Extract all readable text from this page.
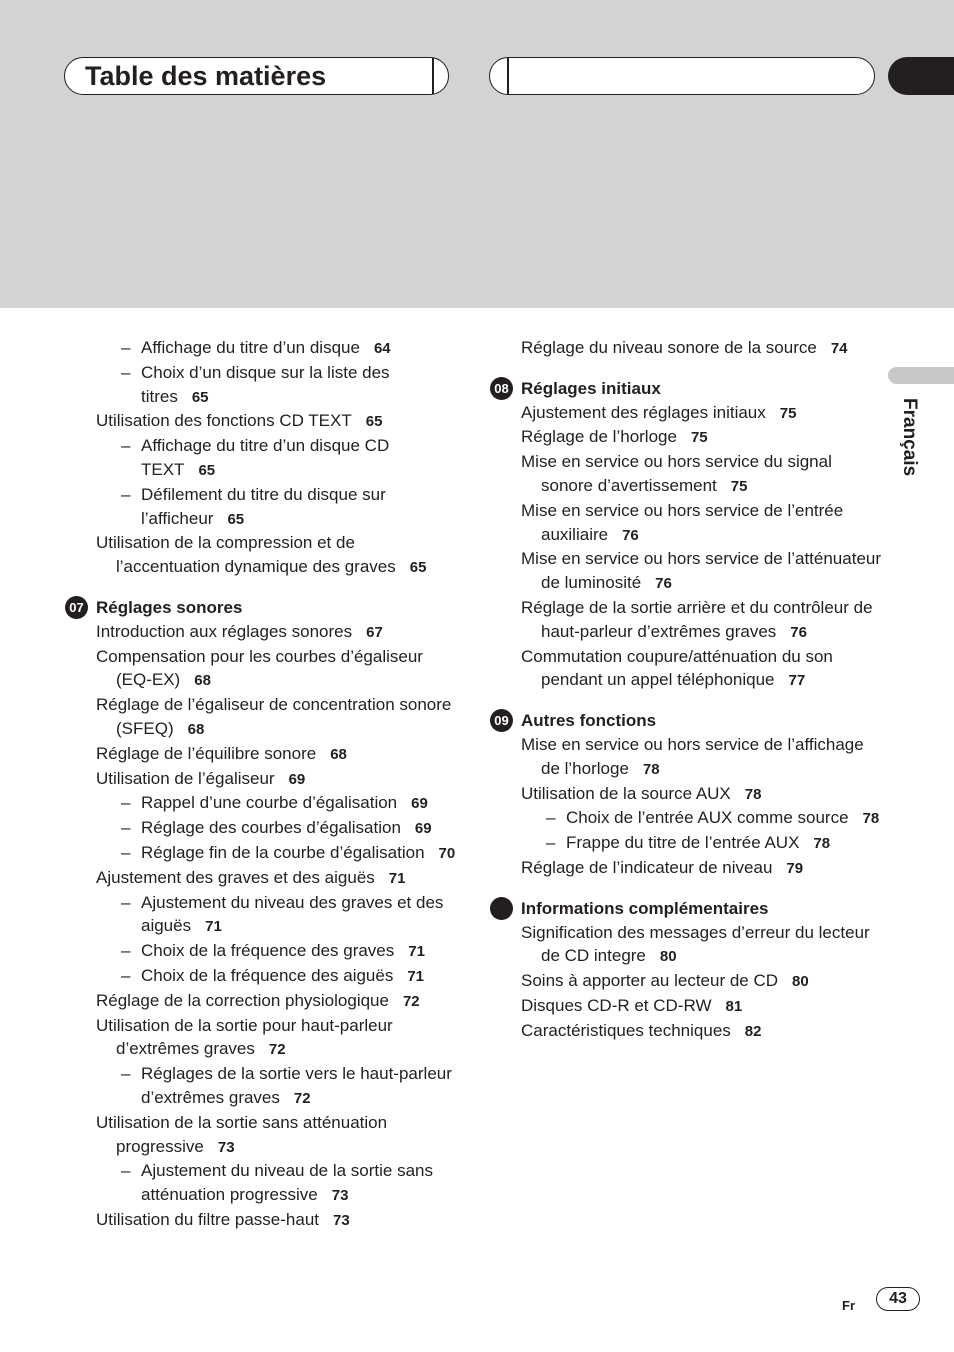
Table des matières
Français
– Affichage du titre d’un disque 64
– Choix d’un disque sur la liste des titres 65
Utilisation des fonctions CD TEXT 65
– Affichage du titre d’un disque CD TEXT 65
– Défilement du titre du disque sur l’afficheur 65
Utilisation de la compression et de l’accentuation dynamique des graves 65
07 Réglages sonores
Introduction aux réglages sonores 67
Compensation pour les courbes d’égaliseur (EQ-EX) 68
Réglage de l’égaliseur de concentration sonore (SFEQ) 68
Réglage de l’équilibre sonore 68
Utilisation de l’égaliseur 69
– Rappel d’une courbe d’égalisation 69
– Réglage des courbes d’égalisation 69
– Réglage fin de la courbe d’égalisation 70
Ajustement des graves et des aiguës 71
– Ajustement du niveau des graves et des aiguës 71
– Choix de la fréquence des graves 71
– Choix de la fréquence des aiguës 71
Réglage de la correction physiologique 72
Utilisation de la sortie pour haut-parleur d’extrêmes graves 72
– Réglages de la sortie vers le haut-parleur d’extrêmes graves 72
Utilisation de la sortie sans atténuation progressive 73
– Ajustement du niveau de la sortie sans atténuation progressive 73
Utilisation du filtre passe-haut 73
Réglage du niveau sonore de la source 74
08 Réglages initiaux
Ajustement des réglages initiaux 75
Réglage de l’horloge 75
Mise en service ou hors service du signal sonore d’avertissement 75
Mise en service ou hors service de l’entrée auxiliaire 76
Mise en service ou hors service de l’atténuateur de luminosité 76
Réglage de la sortie arrière et du contrôleur de haut-parleur d’extrêmes graves 76
Commutation coupure/atténuation du son pendant un appel téléphonique 77
09 Autres fonctions
Mise en service ou hors service de l’affichage de l’horloge 78
Utilisation de la source AUX 78
– Choix de l’entrée AUX comme source 78
– Frappe du titre de l’entrée AUX 78
Réglage de l’indicateur de niveau 79
Informations complémentaires
Signification des messages d’erreur du lecteur de CD integre 80
Soins à apporter au lecteur de CD 80
Disques CD-R et CD-RW 81
Caractéristiques techniques 82
Fr	43
